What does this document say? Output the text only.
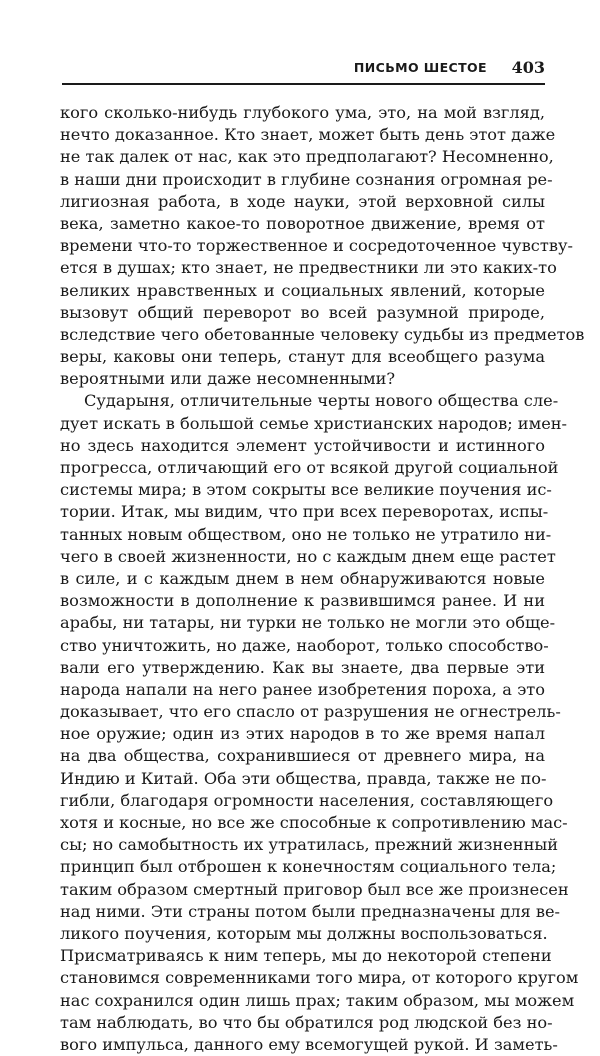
ПИСЬМО ШЕСТОЕ 403
кого сколько-нибудь глубокого ума, это, на мой взгляд,
нечто доказанное. Кто знает, может быть день этот даже
не так далек от нас, как это предполагают? Несомненно,
в наши дни происходит в глубине сознания огромная ре-
лигиозная работа, в ходе науки, этой верховной силы
века, заметно какое-то поворотное движение, время от
времени что-то торжественное и сосредоточенное чувству-
ется в душах; кто знает, не предвестники ли это каких-то
великих нравственных и социальных явлений, которые
вызовут общий переворот во всей разумной природе,
вследствие чего обетованные человеку судьбы из предметов
веры, каковы они теперь, станут для всеобщего разума
вероятными или даже несомненными?
Сударыня, отличительные черты нового общества сле-
дует искать в большой семье христианских народов; имен-
но здесь находится элемент устойчивости и истинного
прогресса, отличающий его от всякой другой социальной
системы мира; в этом сокрыты все великие поучения ис-
тории. Итак, мы видим, что при всех переворотах, испы-
танных новым обществом, оно не только не утратило ни-
чего в своей жизненности, но с каждым днем еще растет
в силе, и с каждым днем в нем обнаруживаются новые
возможности в дополнение к развившимся ранее. И ни
арабы, ни татары, ни турки не только не могли это обще-
ство уничтожить, но даже, наоборот, только способство-
вали его утверждению. Как вы знаете, два первые эти
народа напали на него ранее изобретения пороха, а это
доказывает, что его спасло от разрушения не огнестрель-
ное оружие; один из этих народов в то же время напал
на два общества, сохранившиеся от древнего мира, на
Индию и Китай. Оба эти общества, правда, также не по-
гибли, благодаря огромности населения, составляющего
хотя и косные, но все же способные к сопротивлению мас-
сы; но самобытность их утратилась, прежний жизненный
принцип был отброшен к конечностям социального тела;
таким образом смертный приговор был все же произнесен
над ними. Эти страны потом были предназначены для ве-
ликого поучения, которым мы должны воспользоваться.
Присматриваясь к ним теперь, мы до некоторой степени
становимся современниками того мира, от которого кругом
нас сохранился один лишь прах; таким образом, мы можем
там наблюдать, во что бы обратился род людской без но-
вого импульса, данного ему всемогущей рукой. И заметь-
